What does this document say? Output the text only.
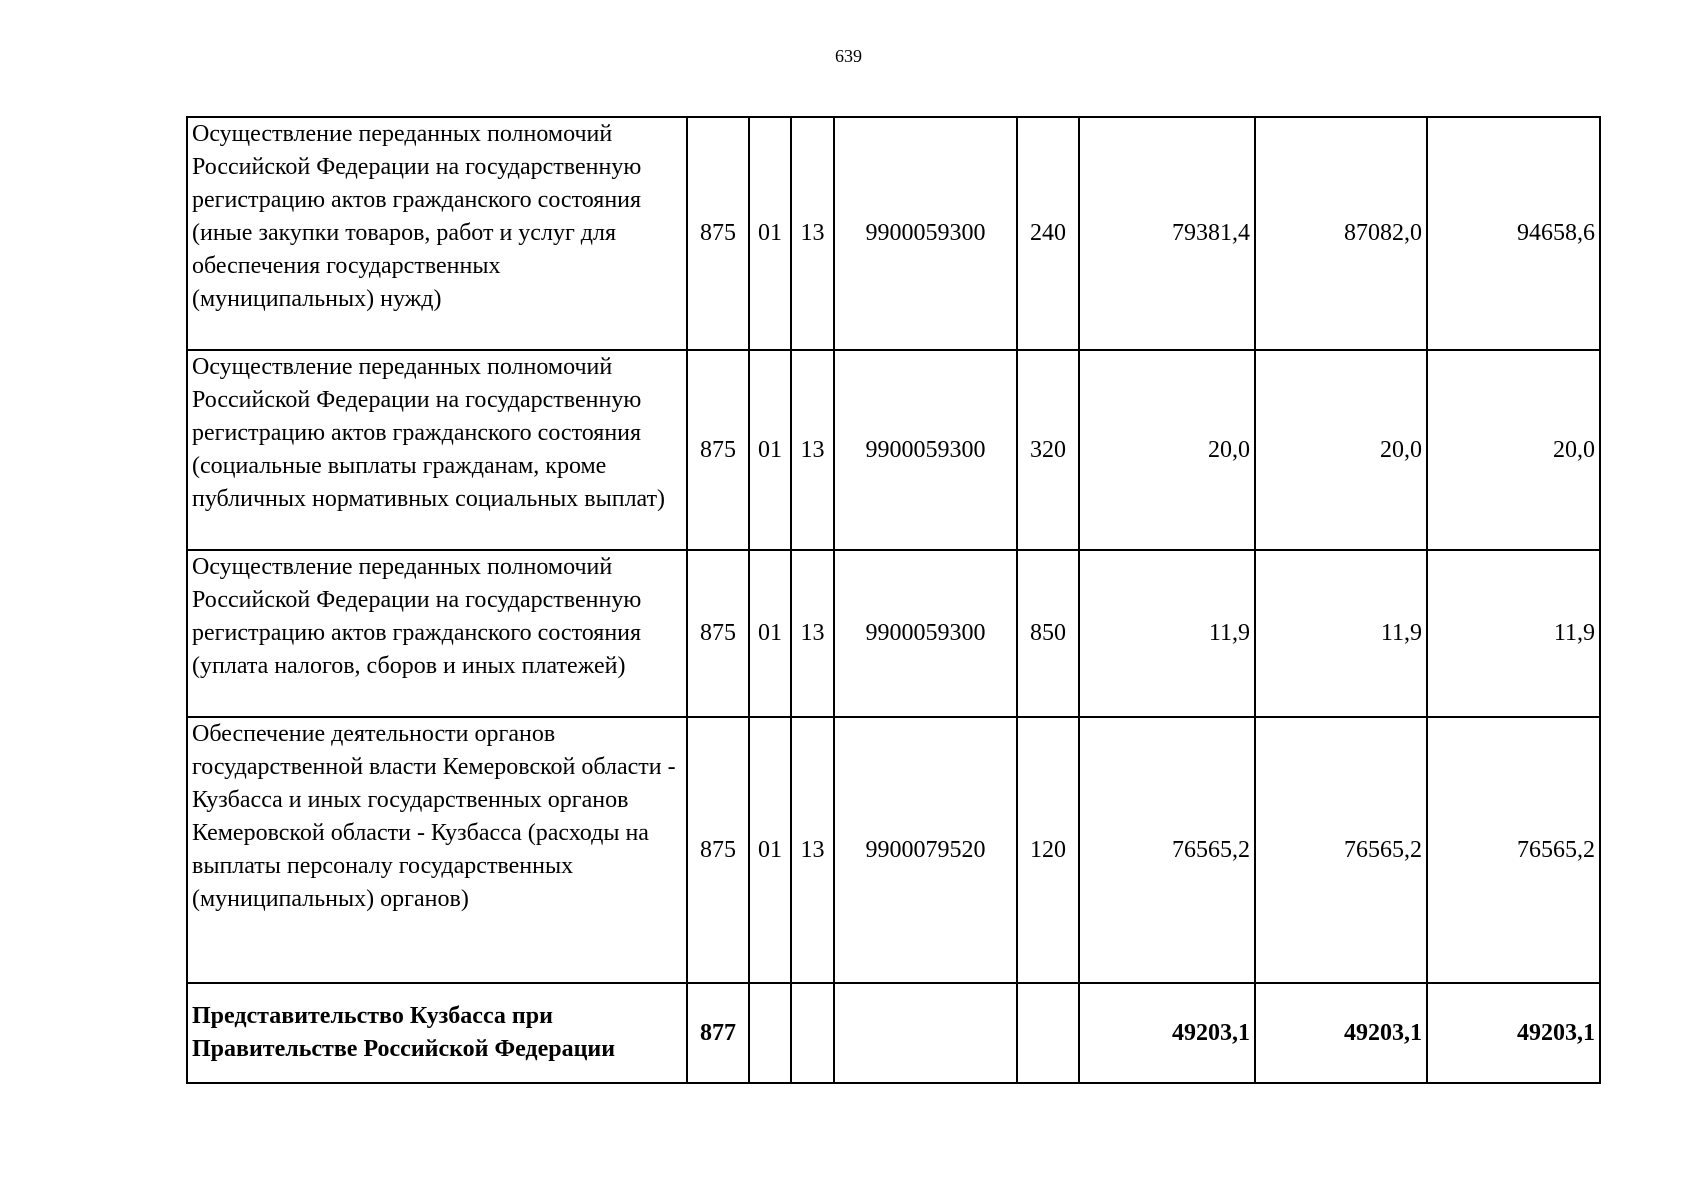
639
Осуществление переданных полномочий Российской Федерации на государственную регистрацию актов гражданского состояния (иные закупки товаров, работ и услуг для обеспечения государственных (муниципальных) нужд)	875	01	13	9900059300	240	79381,4	87082,0	94658,6
Осуществление переданных полномочий Российской Федерации на государственную регистрацию актов гражданского состояния (социальные выплаты гражданам, кроме публичных нормативных социальных выплат)	875	01	13	9900059300	320	20,0	20,0	20,0
Осуществление переданных полномочий Российской Федерации на государственную регистрацию актов гражданского состояния (уплата налогов, сборов и иных платежей)	875	01	13	9900059300	850	11,9	11,9	11,9
Обеспечение деятельности органов государственной власти Кемеровской области - Кузбасса и иных государственных органов Кемеровской области - Кузбасса (расходы на выплаты персоналу государственных (муниципальных) органов)	875	01	13	9900079520	120	76565,2	76565,2	76565,2
Представительство Кузбасса при Правительстве Российской Федерации	877					49203,1	49203,1	49203,1
